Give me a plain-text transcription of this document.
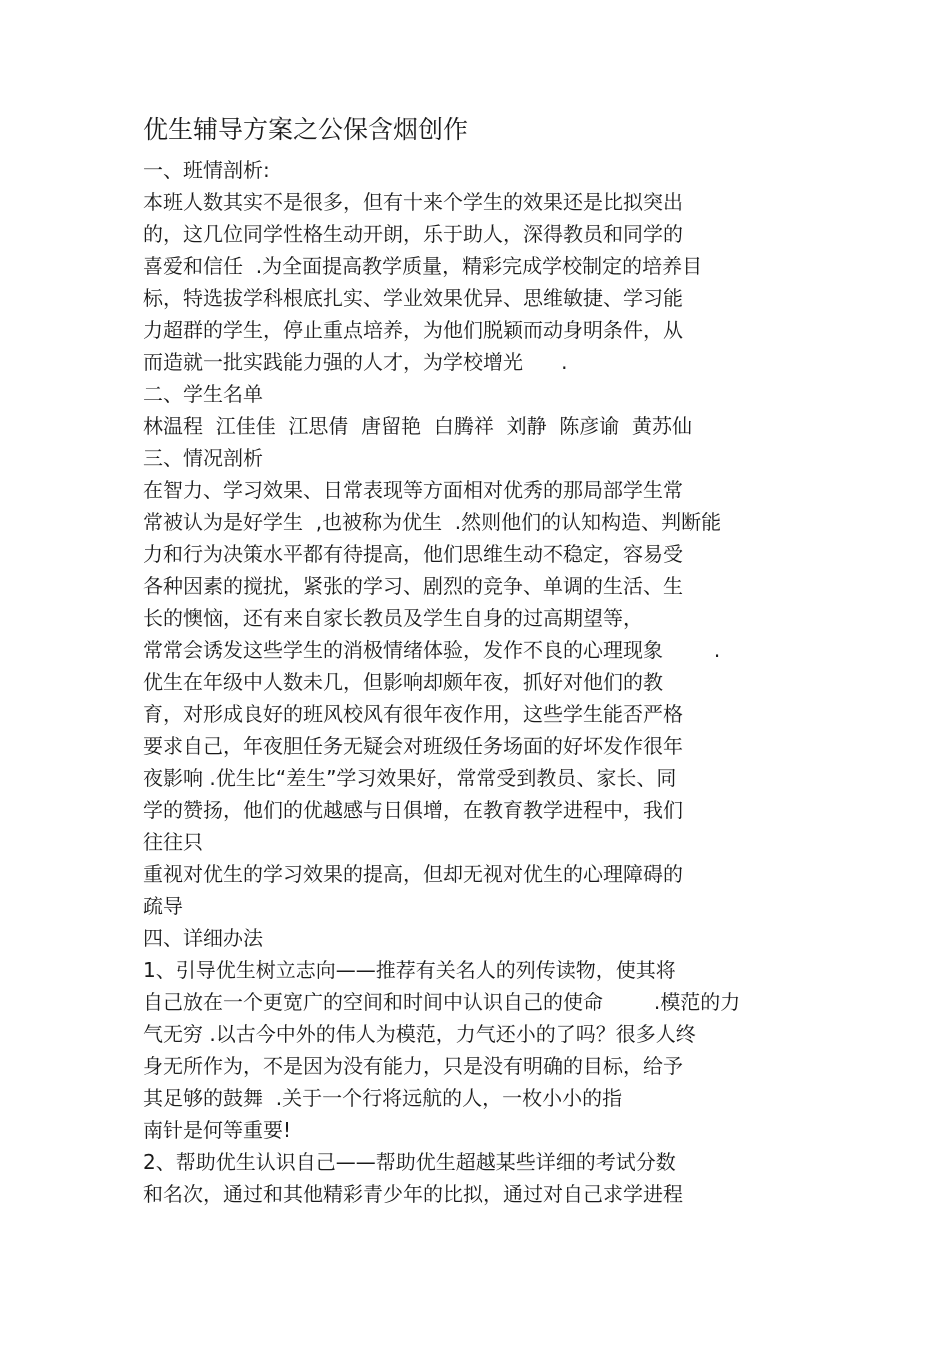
优生辅导方案之公保含烟创作
一、班情剖析:
本班人数其实不是很多，但有十来个学生的效果还是比拟突出
的，这几位同学性格生动开朗，乐于助人，深得教员和同学的
喜爱和信任  .为全面提高教学质量，精彩完成学校制定的培养目
标，特选拔学科根底扎实、学业效果优异、思维敏捷、学习能
力超群的学生，停止重点培养，为他们脱颖而动身明条件，从
而造就一批实践能力强的人才，为学校增光      .
二、学生名单
林温程  江佳佳  江思倩  唐留艳  白腾祥  刘静  陈彦谕  黄苏仙
三、情况剖析
在智力、学习效果、日常表现等方面相对优秀的那局部学生常
常被认为是好学生  ,也被称为优生  .然则他们的认知构造、判断能
力和行为决策水平都有待提高，他们思维生动不稳定，容易受
各种因素的搅扰，紧张的学习、剧烈的竞争、单调的生活、生
长的懊恼，还有来自家长教员及学生自身的过高期望等，
常常会诱发这些学生的消极情绪体验，发作不良的心理现象        .
优生在年级中人数未几，但影响却颇年夜，抓好对他们的教
育，对形成良好的班风校风有很年夜作用，这些学生能否严格
要求自己，年夜胆任务无疑会对班级任务场面的好坏发作很年
夜影响 .优生比“差生”学习效果好，常常受到教员、家长、同
学的赞扬，他们的优越感与日俱增，在教育教学进程中，我们
往往只
重视对优生的学习效果的提高，但却无视对优生的心理障碍的
疏导
四、详细办法
1、引导优生树立志向——推荐有关名人的列传读物，使其将
自己放在一个更宽广的空间和时间中认识自己的使命        .模范的力
气无穷 .以古今中外的伟人为模范，力气还小的了吗？很多人终
身无所作为，不是因为没有能力，只是没有明确的目标，给予
其足够的鼓舞  .关于一个行将远航的人，一枚小小的指
南针是何等重要!
2、帮助优生认识自己——帮助优生超越某些详细的考试分数
和名次，通过和其他精彩青少年的比拟，通过对自己求学进程
